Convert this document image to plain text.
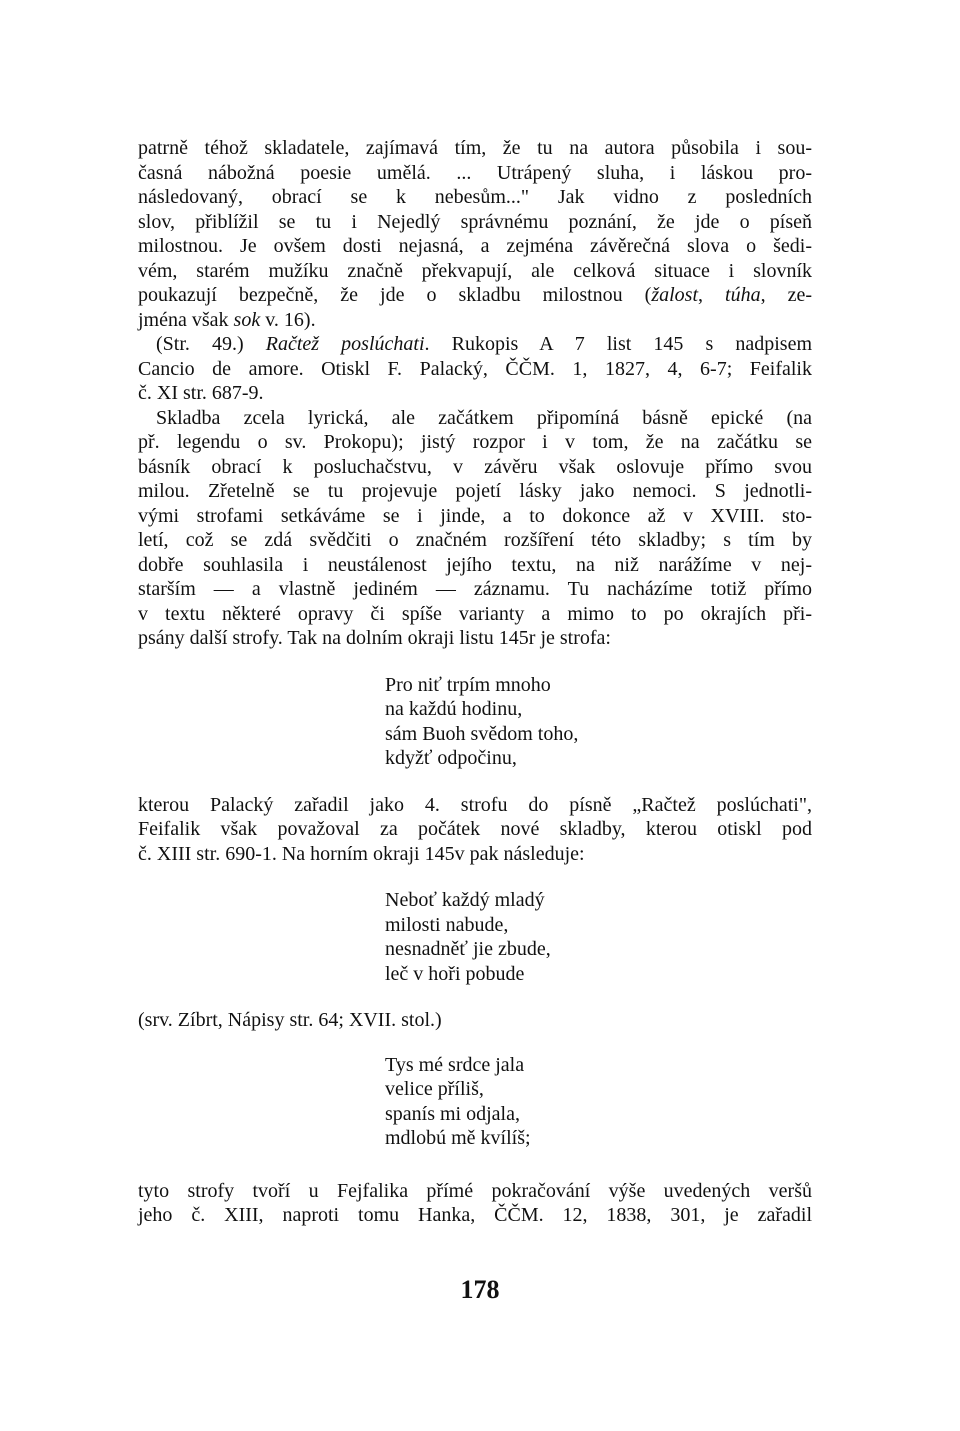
patrně téhož skladatele, zajímavá tím, že tu na autora působila i sou-
časná nábožná poesie umělá. ... Utrápený sluha, i láskou pro-
následovaný, obrací se k nebesům..." Jak vidno z posledních
slov, přiblížil se tu i Nejedlý správnému poznání, že jde o píseň
milostnou. Je ovšem dosti nejasná, a zejména závěrečná slova o šedi-
vém, starém mužíku značně překvapují, ale celková situace i slovník
poukazují bezpečně, že jde o skladbu milostnou (žalost, túha, ze-
jména však sok v. 16).

(Str. 49.) Račtež poslúchati. Rukopis A 7 list 145 s nadpisem
Cancio de amore. Otiskl F. Palacký, ČČM. 1, 1827, 4, 6-7; Feifalik
č. XI str. 687-9.

Skladba zcela lyrická, ale začátkem připomíná básně epické (na
př. legendu o sv. Prokopu); jistý rozpor i v tom, že na začátku se
básník obrací k posluchačstvu, v závěru však oslovuje přímo svou
milou. Zřetelně se tu projevuje pojetí lásky jako nemoci. S jednotli-
vými strofami setkáváme se i jinde, a to dokonce až v XVIII. sto-
letí, což se zdá svědčiti o značném rozšíření této skladby; s tím by
dobře souhlasila i neustálenost jejího textu, na niž narážíme v nej-
starším — a vlastně jediném — záznamu. Tu nacházíme totiž přímo
v textu některé opravy či spíše varianty a mimo to po okrajích při-
psány další strofy. Tak na dolním okraji listu 145r je strofa:

Pro niť trpím mnoho
na každú hodinu,
sám Buoh svědom toho,
kdyžť odpočinu,

kterou Palacký zařadil jako 4. strofu do písně „Račtež poslúchati",
Feifalik však považoval za počátek nové skladby, kterou otiskl pod
č. XIII str. 690-1. Na horním okraji 145v pak následuje:

Neboť každý mladý
milosti nabude,
nesnadněť jie zbude,
leč v hoři pobude

(srv. Zíbrt, Nápisy str. 64; XVII. stol.)

Tys mé srdce jala
velice příliš,
spanís mi odjala,
mdlobú mě kvílíš;

tyto strofy tvoří u Fejfalika přímé pokračování výše uvedených veršů
jeho č. XIII, naproti tomu Hanka, ČČM. 12, 1838, 301, je zařadil

178
